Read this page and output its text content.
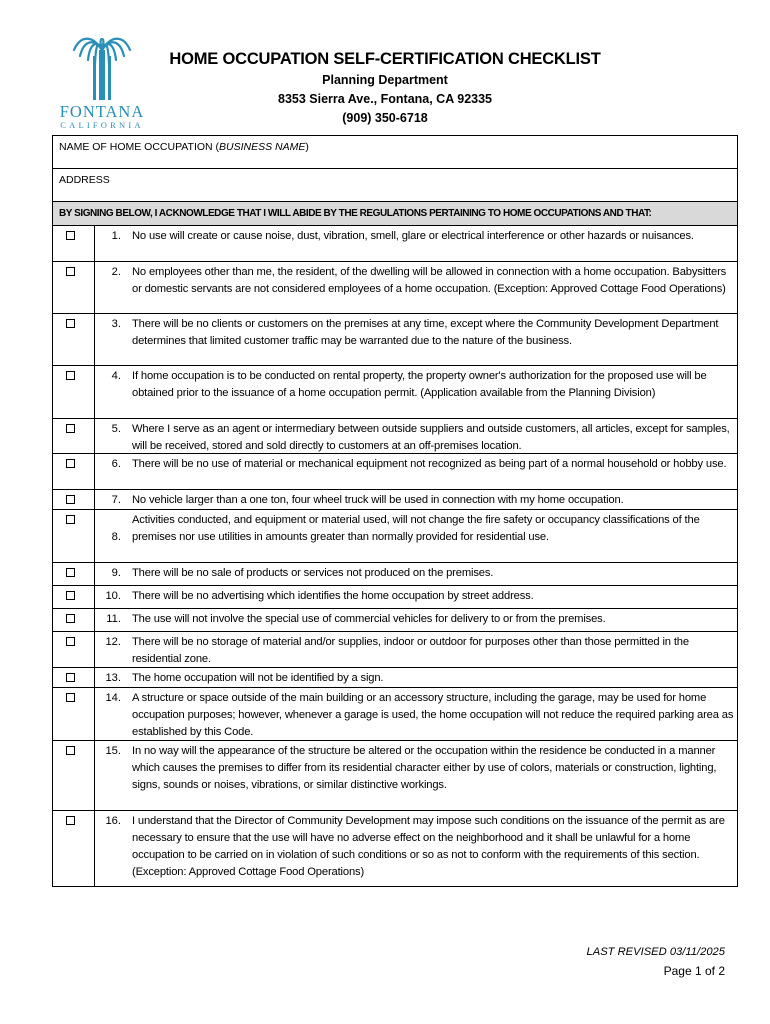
FONTANA
CALIFORNIA
HOME OCCUPATION SELF-CERTIFICATION CHECKLIST
Planning Department
8353 Sierra Ave., Fontana, CA 92335
(909) 350-6718
NAME OF HOME OCCUPATION (BUSINESS NAME)
ADDRESS
BY SIGNING BELOW, I ACKNOWLEDGE THAT I WILL ABIDE BY THE REGULATIONS PERTAINING TO HOME OCCUPATIONS AND THAT:
1. No use will create or cause noise, dust, vibration, smell, glare or electrical interference or other hazards or nuisances.
2. No employees other than me, the resident, of the dwelling will be allowed in connection with a home occupation. Babysitters or domestic servants are not considered employees of a home occupation. (Exception: Approved Cottage Food Operations)
3. There will be no clients or customers on the premises at any time, except where the Community Development Department determines that limited customer traffic may be warranted due to the nature of the business.
4. If home occupation is to be conducted on rental property, the property owner's authorization for the proposed use will be obtained prior to the issuance of a home occupation permit. (Application available from the Planning Division)
5. Where I serve as an agent or intermediary between outside suppliers and outside customers, all articles, except for samples, will be received, stored and sold directly to customers at an off-premises location.
6. There will be no use of material or mechanical equipment not recognized as being part of a normal household or hobby use.
7. No vehicle larger than a one ton, four wheel truck will be used in connection with my home occupation.
8.
Activities conducted, and equipment or material used, will not change the fire safety or occupancy classifications of the premises nor use utilities in amounts greater than normally provided for residential use.
9. There will be no sale of products or services not produced on the premises.
10. There will be no advertising which identifies the home occupation by street address.
11. The use will not involve the special use of commercial vehicles for delivery to or from the premises.
12. There will be no storage of material and/or supplies, indoor or outdoor for purposes other than those permitted in the residential zone.
13. The home occupation will not be identified by a sign.
14. A structure or space outside of the main building or an accessory structure, including the garage, may be used for home occupation purposes; however, whenever a garage is used, the home occupation will not reduce the required parking area as established by this Code.
15. In no way will the appearance of the structure be altered or the occupation within the residence be conducted in a manner which causes the premises to differ from its residential character either by use of colors, materials or construction, lighting, signs, sounds or noises, vibrations, or similar distinctive workings.
16. I understand that the Director of Community Development may impose such conditions on the issuance of the permit as are necessary to ensure that the use will have no adverse effect on the neighborhood and it shall be unlawful for a home occupation to be carried on in violation of such conditions or so as not to conform with the requirements of this section. (Exception: Approved Cottage Food Operations)
LAST REVISED 03/11/2025
Page 1 of 2
